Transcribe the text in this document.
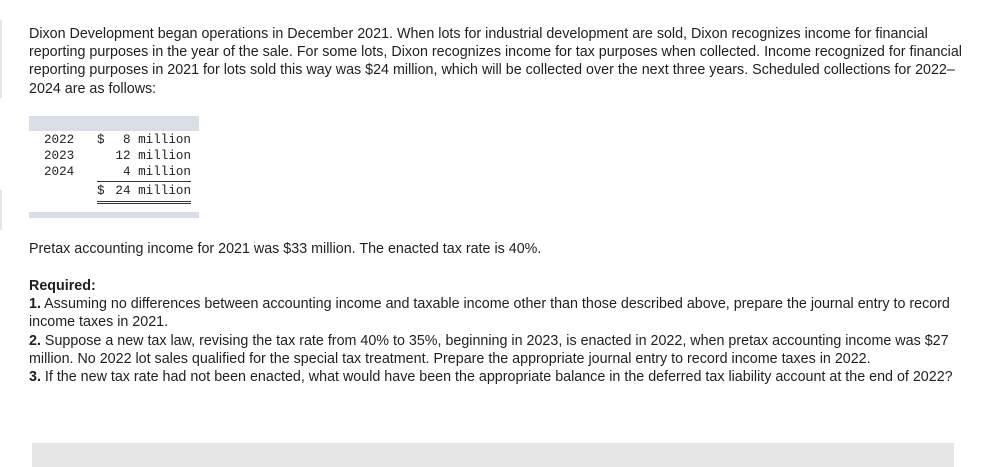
Dixon Development began operations in December 2021. When lots for industrial development are sold, Dixon recognizes income for financial reporting purposes in the year of the sale. For some lots, Dixon recognizes income for tax purposes when collected. Income recognized for financial reporting purposes in 2021 for lots sold this way was $24 million, which will be collected over the next three years. Scheduled collections for 2022–2024 are as follows:

2022 $ 8 million
2023	12 million
2024	4 million
$ 24 million

Pretax accounting income for 2021 was $33 million. The enacted tax rate is 40%.

Required:
1. Assuming no differences between accounting income and taxable income other than those described above, prepare the journal entry to record income taxes in 2021.
2. Suppose a new tax law, revising the tax rate from 40% to 35%, beginning in 2023, is enacted in 2022, when pretax accounting income was $27 million. No 2022 lot sales qualified for the special tax treatment. Prepare the appropriate journal entry to record income taxes in 2022.
3. If the new tax rate had not been enacted, what would have been the appropriate balance in the deferred tax liability account at the end of 2022?
